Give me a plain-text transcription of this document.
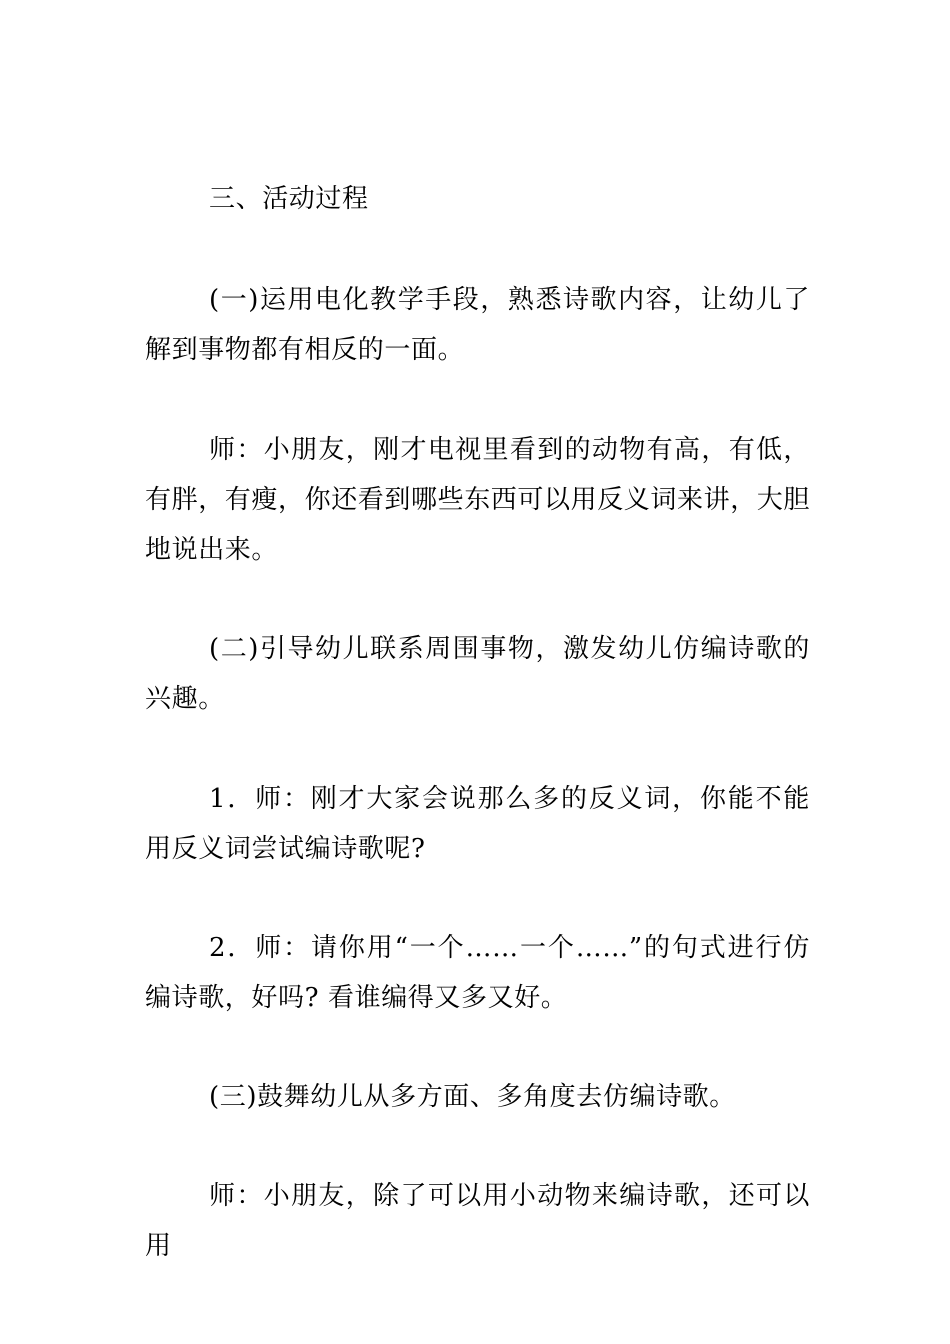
三、活动过程

(一)运用电化教学手段，熟悉诗歌内容，让幼儿了解到事物都有相反的一面。

师：小朋友，刚才电视里看到的动物有高，有低，有胖，有瘦，你还看到哪些东西可以用反义词来讲，大胆地说出来。

(二)引导幼儿联系周围事物，激发幼儿仿编诗歌的兴趣。

1．师：刚才大家会说那么多的反义词，你能不能用反义词尝试编诗歌呢?

2．师：请你用“一个……一个……”的句式进行仿编诗歌，好吗? 看谁编得又多又好。

(三)鼓舞幼儿从多方面、多角度去仿编诗歌。

师：小朋友，除了可以用小动物来编诗歌，还可以用
